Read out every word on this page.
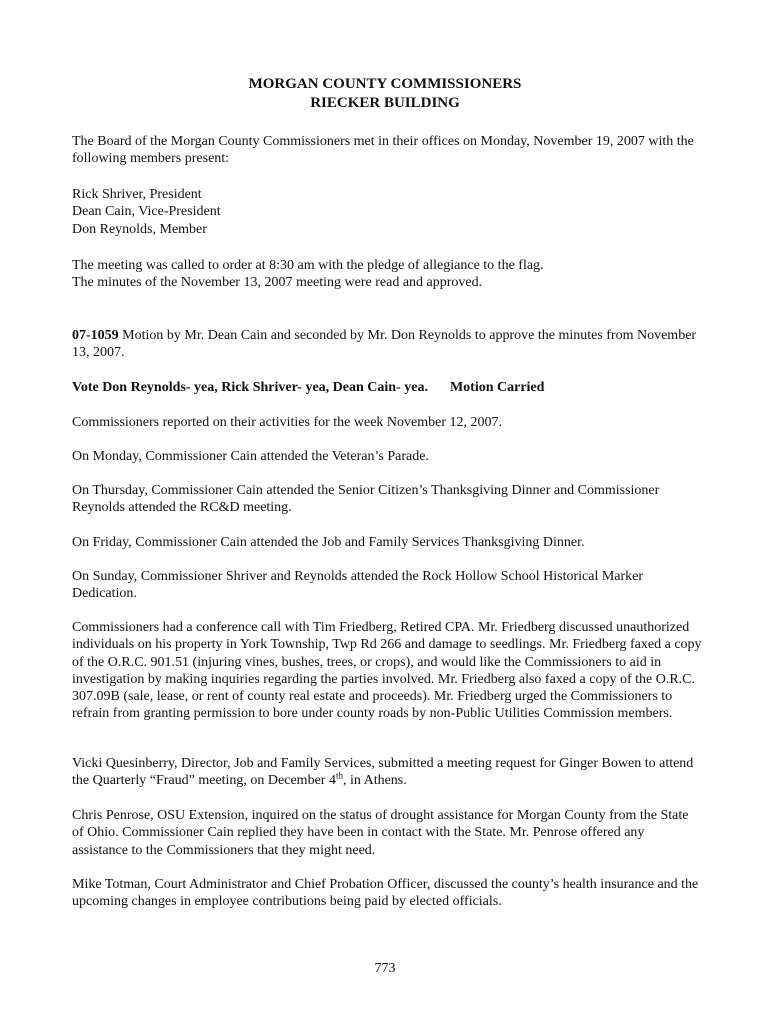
MORGAN COUNTY COMMISSIONERS
RIECKER BUILDING
The Board of the Morgan County Commissioners met in their offices on Monday, November 19, 2007 with the following members present:
Rick Shriver, President
Dean Cain, Vice-President
Don Reynolds, Member
The meeting was called to order at 8:30 am with the pledge of allegiance to the flag.
The minutes of the November 13, 2007 meeting were read and approved.
07-1059 Motion by Mr. Dean Cain and seconded by Mr. Don Reynolds to approve the minutes from November 13, 2007.
Vote Don Reynolds- yea, Rick Shriver- yea, Dean Cain- yea. Motion Carried
Commissioners reported on their activities for the week November 12, 2007.
On Monday, Commissioner Cain attended the Veteran’s Parade.
On Thursday, Commissioner Cain attended the Senior Citizen’s Thanksgiving Dinner and Commissioner Reynolds attended the RC&D meeting.
On Friday, Commissioner Cain attended the Job and Family Services Thanksgiving Dinner.
On Sunday, Commissioner Shriver and Reynolds attended the Rock Hollow School Historical Marker Dedication.
Commissioners had a conference call with Tim Friedberg, Retired CPA. Mr. Friedberg discussed unauthorized individuals on his property in York Township, Twp Rd 266 and damage to seedlings. Mr. Friedberg faxed a copy of the O.R.C. 901.51 (injuring vines, bushes, trees, or crops), and would like the Commissioners to aid in investigation by making inquiries regarding the parties involved. Mr. Friedberg also faxed a copy of the O.R.C. 307.09B (sale, lease, or rent of county real estate and proceeds). Mr. Friedberg urged the Commissioners to refrain from granting permission to bore under county roads by non-Public Utilities Commission members.
Vicki Quesinberry, Director, Job and Family Services, submitted a meeting request for Ginger Bowen to attend the Quarterly “Fraud” meeting, on December 4th, in Athens.
Chris Penrose, OSU Extension, inquired on the status of drought assistance for Morgan County from the State of Ohio. Commissioner Cain replied they have been in contact with the State. Mr. Penrose offered any assistance to the Commissioners that they might need.
Mike Totman, Court Administrator and Chief Probation Officer, discussed the county’s health insurance and the upcoming changes in employee contributions being paid by elected officials.
773
